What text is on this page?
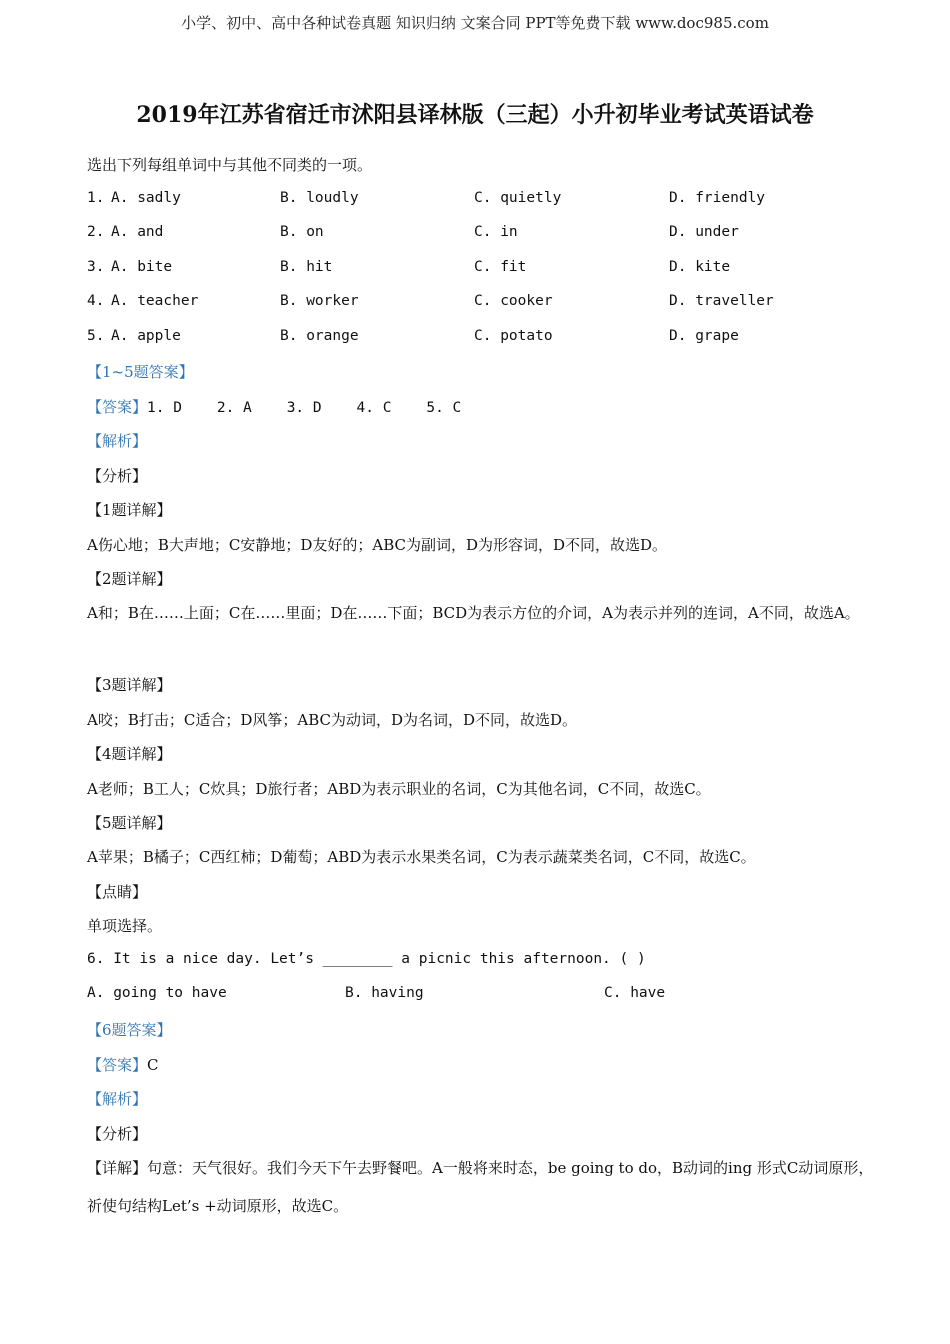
小学、初中、高中各种试卷真题 知识归纳 文案合同 PPT等免费下载 www.doc985.com
2019年江苏省宿迁市沭阳县译林版（三起）小升初毕业考试英语试卷
选出下列每组单词中与其他不同类的一项。
1. A. sadly	B. loudly	C. quietly	D. friendly
2. A. and	B. on	C. in	D. under
3. A. bite	B. hit	C. fit	D. kite
4. A. teacher	B. worker	C. cooker	D. traveller
5. A. apple	B. orange	C. potato	D. grape
【1~5题答案】
【答案】1. D    2. A    3. D    4. C    5. C
【解析】
【分析】
【1题详解】
A伤心地；B大声地；C安静地；D友好的；ABC为副词，D为形容词，D不同，故选D。
【2题详解】
A和；B在……上面；C在……里面；D在……下面；BCD为表示方位的介词，A为表示并列的连词，A不同，故选A。
【3题详解】
A咬；B打击；C适合；D风筝；ABC为动词，D为名词，D不同，故选D。
【4题详解】
A老师；B工人；C炊具；D旅行者；ABD为表示职业的名词，C为其他名词，C不同，故选C。
【5题详解】
A苹果；B橘子；C西红柿；D葡萄；ABD为表示水果类名词，C为表示蔬菜类名词，C不同，故选C。
【点睛】
单项选择。
6. It is a nice day. Let’s ________ a picnic this afternoon. ( )
A. going to have	B. having	C. have
【6题答案】
【答案】C
【解析】
【分析】
【详解】句意：天气很好。我们今天下午去野餐吧。A一般将来时态，be going to do，B动词的ing 形式C动词原形，祈使句结构Let’s +动词原形，故选C。
